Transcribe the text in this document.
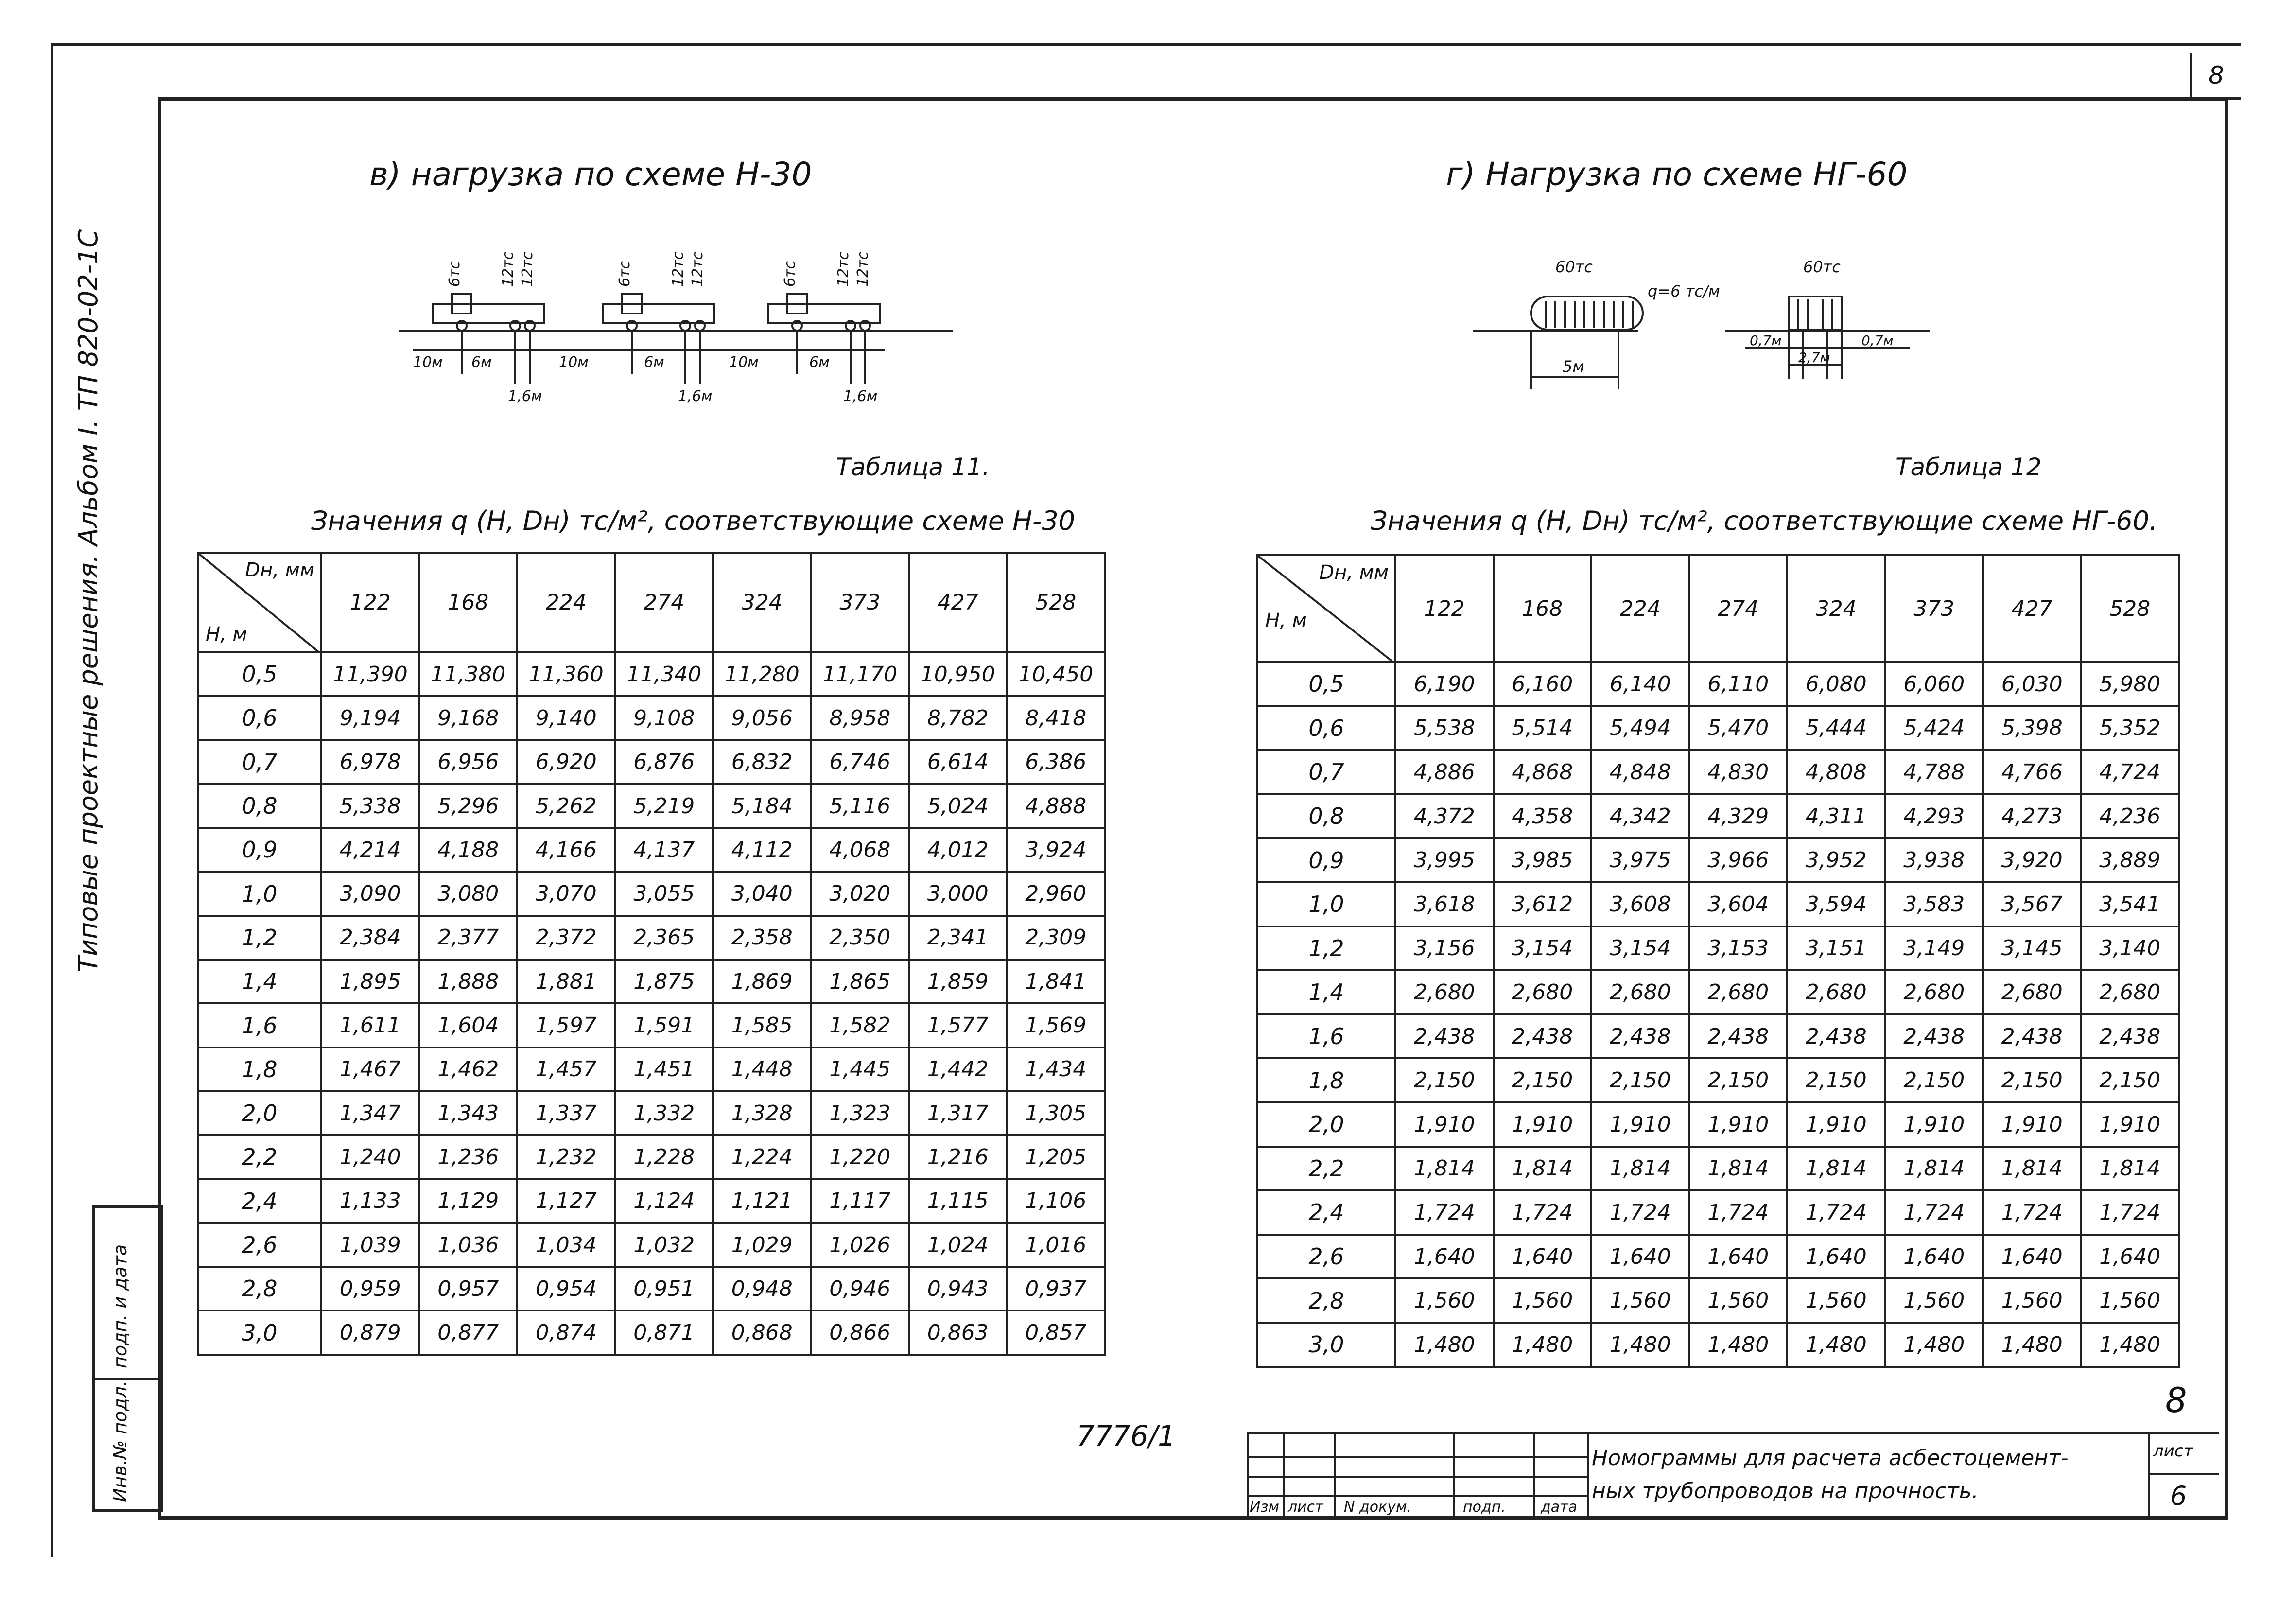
8
Типовые проектные решения. Альбом I. ТП 820-02-1С
подп. и дата
Инв.№ подл.
в) нагрузка по схеме Н-30
6тс	12тс 12тс	6тс	12тс 12тс	6тс	12тс 12тс
10м 6м	10м	6м	10м	6м
1,6м	1,6м	1,6м
Таблица 11.
Значения q (Н, Dн) тс/м², соответствующие схеме Н-30
Dн, мм
Н, м	122	168	224	274	324	373	427	528
0,5	11,390	11,380	11,360	11,340	11,280	11,170	10,950	10,450
0,6	9,194	9,168	9,140	9,108	9,056	8,958	8,782	8,418
0,7	6,978	6,956	6,920	6,876	6,832	6,746	6,614	6,386
0,8	5,338	5,296	5,262	5,219	5,184	5,116	5,024	4,888
0,9	4,214	4,188	4,166	4,137	4,112	4,068	4,012	3,924
1,0	3,090	3,080	3,070	3,055	3,040	3,020	3,000	2,960
1,2	2,384	2,377	2,372	2,365	2,358	2,350	2,341	2,309
1,4	1,895	1,888	1,881	1,875	1,869	1,865	1,859	1,841
1,6	1,611	1,604	1,597	1,591	1,585	1,582	1,577	1,569
1,8	1,467	1,462	1,457	1,451	1,448	1,445	1,442	1,434
2,0	1,347	1,343	1,337	1,332	1,328	1,323	1,317	1,305
2,2	1,240	1,236	1,232	1,228	1,224	1,220	1,216	1,205
2,4	1,133	1,129	1,127	1,124	1,121	1,117	1,115	1,106
2,6	1,039	1,036	1,034	1,032	1,029	1,026	1,024	1,016
2,8	0,959	0,957	0,954	0,951	0,948	0,946	0,943	0,937
3,0	0,879	0,877	0,874	0,871	0,868	0,866	0,863	0,857
г) Нагрузка по схеме НГ-60
60тс
q=6 тс/м
60тс
5м
0,7м
2,7м
0,7м
Таблица 12
Значения q (Н, Dн) тс/м², соответствующие схеме НГ-60.
Dн, мм
Н, м	122	168	224	274	324	373	427	528
0,5	6,190	6,160	6,140	6,110	6,080	6,060	6,030	5,980
0,6	5,538	5,514	5,494	5,470	5,444	5,424	5,398	5,352
0,7	4,886	4,868	4,848	4,830	4,808	4,788	4,766	4,724
0,8	4,372	4,358	4,342	4,329	4,311	4,293	4,273	4,236
0,9	3,995	3,985	3,975	3,966	3,952	3,938	3,920	3,889
1,0	3,618	3,612	3,608	3,604	3,594	3,583	3,567	3,541
1,2	3,156	3,154	3,154	3,153	3,151	3,149	3,145	3,140
1,4	2,680	2,680	2,680	2,680	2,680	2,680	2,680	2,680
1,6	2,438	2,438	2,438	2,438	2,438	2,438	2,438	2,438
1,8	2,150	2,150	2,150	2,150	2,150	2,150	2,150	2,150
2,0	1,910	1,910	1,910	1,910	1,910	1,910	1,910	1,910
2,2	1,814	1,814	1,814	1,814	1,814	1,814	1,814	1,814
2,4	1,724	1,724	1,724	1,724	1,724	1,724	1,724	1,724
2,6	1,640	1,640	1,640	1,640	1,640	1,640	1,640	1,640
2,8	1,560	1,560	1,560	1,560	1,560	1,560	1,560	1,560
3,0	1,480	1,480	1,480	1,480	1,480	1,480	1,480	1,480
8
7776/1
Изм лист N докум.	подп. дата
Номограммы для расчета асбестоцемент-
ных трубопроводов на прочность.
лист
6
